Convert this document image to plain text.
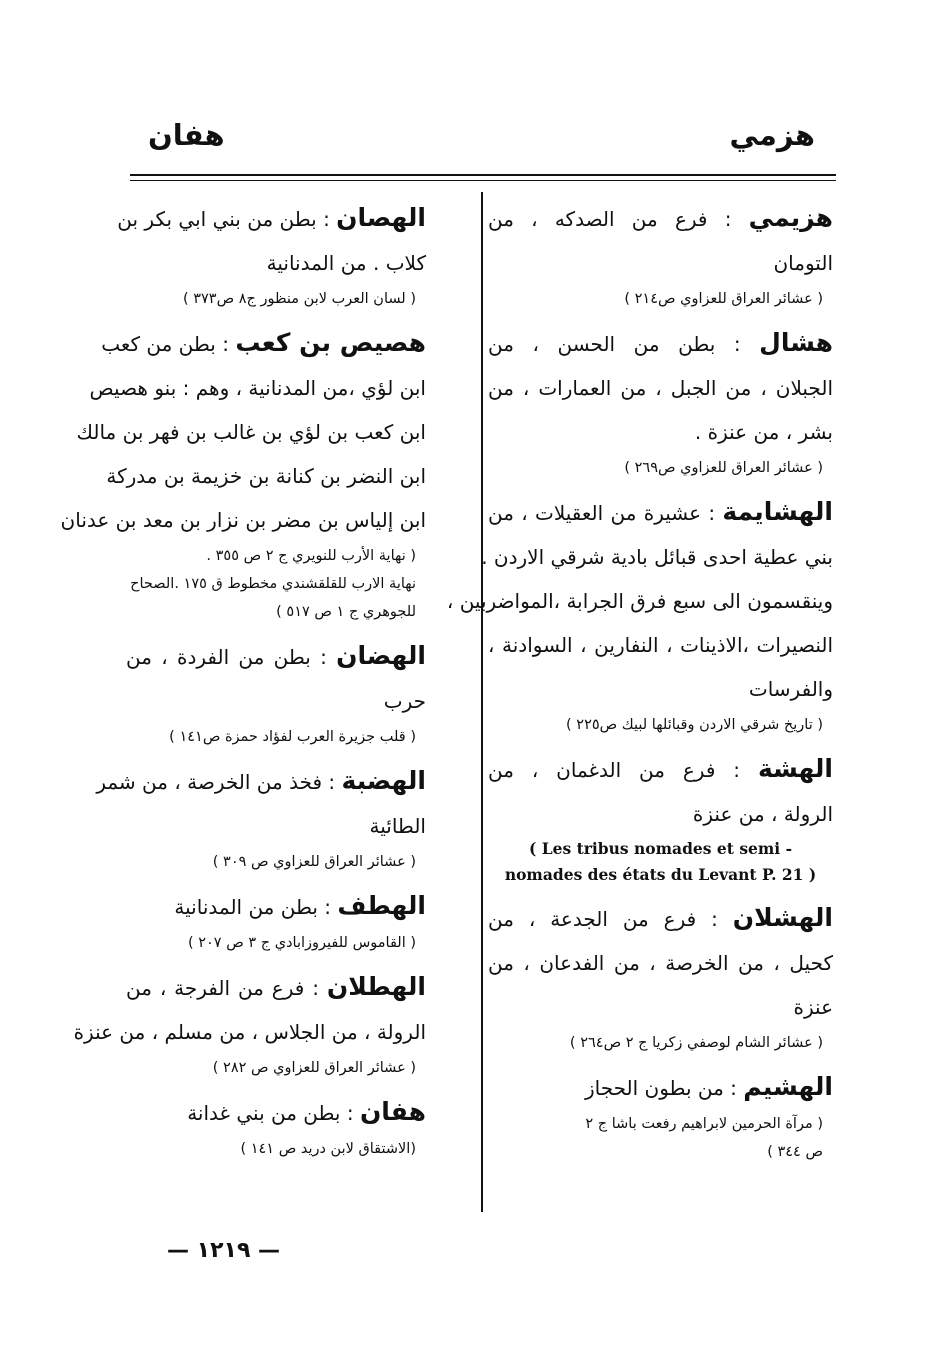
هزمي
هفان
هزيمي : فرع من الصدكه ، من
التومان
( عشائر العراق للعزاوي ص٢١٤ )
هشال : بطن من الحسن ، من
الجبلان ، من الجبل ، من العمارات ، من
بشر ، من عنزة .
( عشائر العراق للعزاوي ص٢٦٩ )
الهشايمة : عشيرة من العقيلات ، من
بني عطية احدى قبائل بادية شرقي الاردن .
وينقسمون الى سبع فرق الجرابة ،المواضربين ،
النصيرات ،الاذينات ، النفارين ، السوادنة ،
والفرسات
( تاريخ شرقي الاردن وقبائلها لبيك ص٢٢٥ )
الهشة : فرع من الدغمان ، من
الرولة ، من عنزة
( Les tribus nomades et semi -
nomades des états du Levant P. 21 )
الهشلان : فرع من الجدعة ، من
كحيل ، من الخرصة ، من الفدعان ، من
عنزة
( عشائر الشام لوصفي زكريا ج ٢ ص٢٦٤ )
الهشيم : من بطون الحجاز
( مرآة الحرمين لابراهيم رفعت باشا ج ٢
ص ٣٤٤ )
الهصان : بطن من بني ابي بكر بن
كلاب . من المدنانية
( لسان العرب لابن منظور ج٨ ص٣٧٣ )
هصيص بن كعب : بطن من كعب
ابن لؤي ،من المدنانية ، وهم : بنو هصيص
ابن كعب بن لؤي بن غالب بن فهر بن مالك
ابن النضر بن كنانة بن خزيمة بن مدركة
ابن إلياس بن مضر بن نزار بن معد بن عدنان
( نهاية الأرب للنويري ج ٢ ص ٣٥٥ .
نهاية الارب للقلقشندي مخطوط ق ١٧٥ .الصحاح
للجوهري ج ١ ص ٥١٧ )
الهضان : بطن من الفردة ، من
حرب
( قلب جزيرة العرب لفؤاد حمزة ص١٤١ )
الهضبة : فخذ من الخرصة ، من شمر
الطائية
( عشائر العراق للعزاوي ص ٣٠٩ )
الهطف : بطن من المدنانية
( القاموس للفيروزابادي ج ٣ ص ٢٠٧ )
الهطلان : فرع من الفرجة ، من
الرولة ، من الجلاس ، من مسلم ، من عنزة
( عشائر العراق للعزاوي ص ٢٨٢ )
هفان : بطن من بني غدانة
(الاشتقاق لابن دريد ص ١٤١ )
— ١٢١٩ —
